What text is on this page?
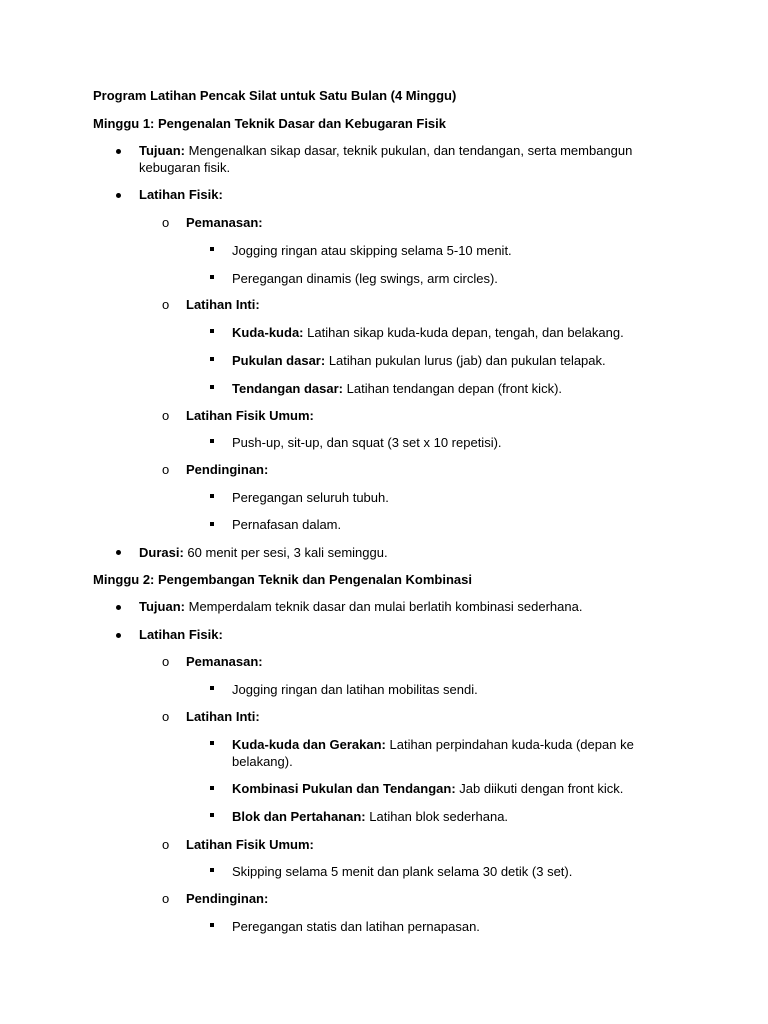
Program Latihan Pencak Silat untuk Satu Bulan (4 Minggu)
Minggu 1: Pengenalan Teknik Dasar dan Kebugaran Fisik
Tujuan: Mengenalkan sikap dasar, teknik pukulan, dan tendangan, serta membangun
kebugaran fisik.
Latihan Fisik:
o Pemanasan:
Jogging ringan atau skipping selama 5-10 menit.
Peregangan dinamis (leg swings, arm circles).
o Latihan Inti:
Kuda-kuda: Latihan sikap kuda-kuda depan, tengah, dan belakang.
Pukulan dasar: Latihan pukulan lurus (jab) dan pukulan telapak.
Tendangan dasar: Latihan tendangan depan (front kick).
o Latihan Fisik Umum:
Push-up, sit-up, dan squat (3 set x 10 repetisi).
o Pendinginan:
Peregangan seluruh tubuh.
Pernafasan dalam.
Durasi: 60 menit per sesi, 3 kali seminggu.
Minggu 2: Pengembangan Teknik dan Pengenalan Kombinasi
Tujuan: Memperdalam teknik dasar dan mulai berlatih kombinasi sederhana.
Latihan Fisik:
o Pemanasan:
Jogging ringan dan latihan mobilitas sendi.
o Latihan Inti:
Kuda-kuda dan Gerakan: Latihan perpindahan kuda-kuda (depan ke
belakang).
Kombinasi Pukulan dan Tendangan: Jab diikuti dengan front kick.
Blok dan Pertahanan: Latihan blok sederhana.
o Latihan Fisik Umum:
Skipping selama 5 menit dan plank selama 30 detik (3 set).
o Pendinginan:
Peregangan statis dan latihan pernapasan.
